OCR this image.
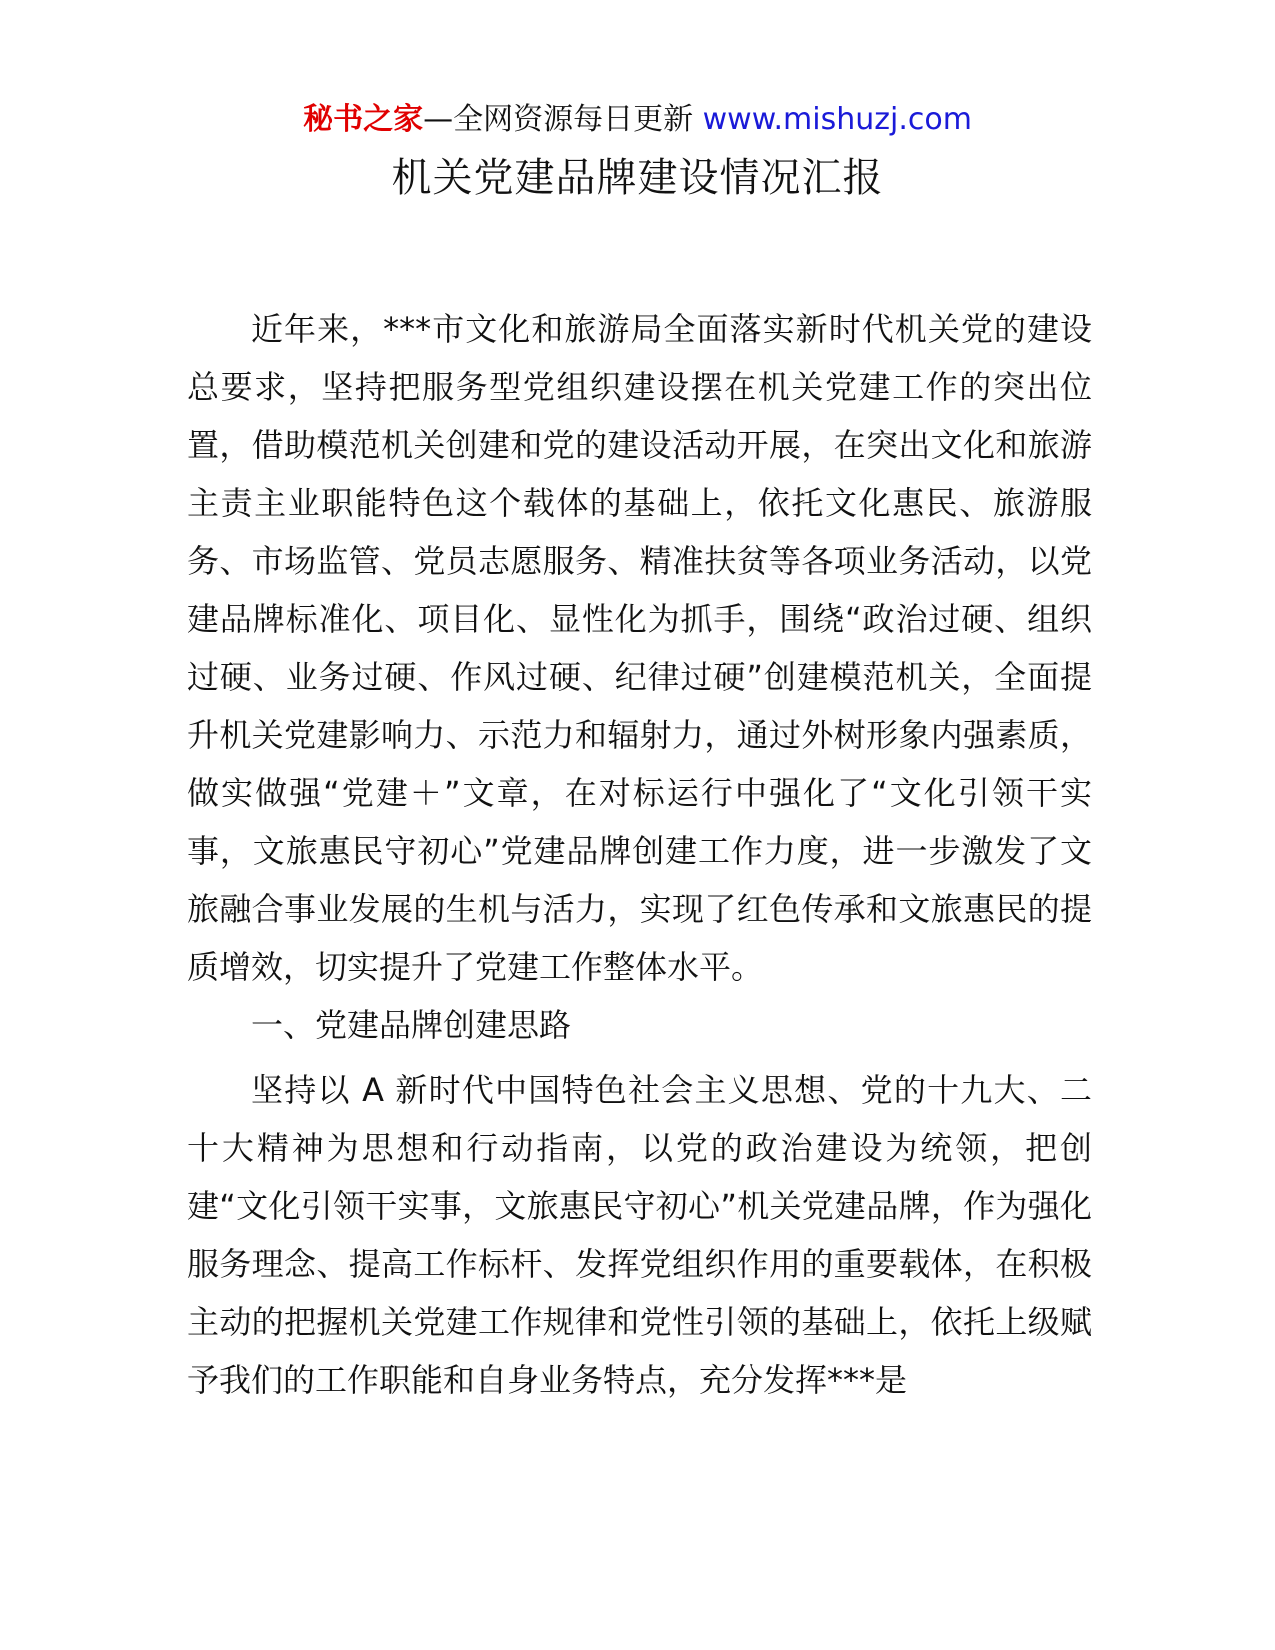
秘书之家—全网资源每日更新 www.mishuzj.com
机关党建品牌建设情况汇报

近年来，***市文化和旅游局全面落实新时代机关党的建设总要求，坚持把服务型党组织建设摆在机关党建工作的突出位置，借助模范机关创建和党的建设活动开展，在突出文化和旅游主责主业职能特色这个载体的基础上，依托文化惠民、旅游服务、市场监管、党员志愿服务、精准扶贫等各项业务活动，以党建品牌标准化、项目化、显性化为抓手，围绕“政治过硬、组织过硬、业务过硬、作风过硬、纪律过硬”创建模范机关，全面提升机关党建影响力、示范力和辐射力，通过外树形象内强素质，做实做强“党建＋”文章，在对标运行中强化了“文化引领干实事，文旅惠民守初心”党建品牌创建工作力度，进一步激发了文旅融合事业发展的生机与活力，实现了红色传承和文旅惠民的提质增效，切实提升了党建工作整体水平。

一、党建品牌创建思路

坚持以 A 新时代中国特色社会主义思想、党的十九大、二十大精神为思想和行动指南，以党的政治建设为统领，把创建“文化引领干实事，文旅惠民守初心”机关党建品牌，作为强化服务理念、提高工作标杆、发挥党组织作用的重要载体，在积极主动的把握机关党建工作规律和党性引领的基础上，依托上级赋予我们的工作职能和自身业务特点，充分发挥***是
